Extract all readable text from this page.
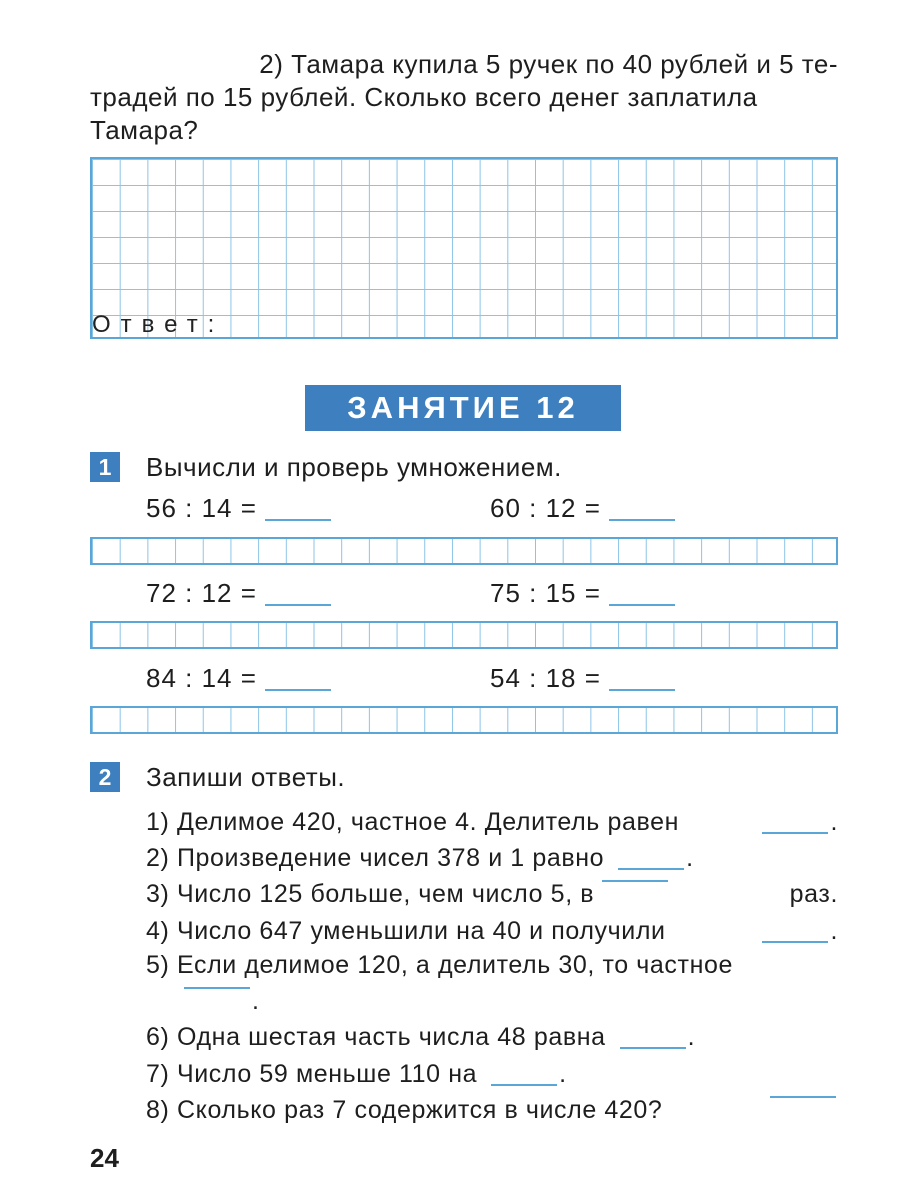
2) Тамара купила 5 ручек по 40 рублей и 5 те-
традей по 15 рублей. Сколько всего денег заплатила
Тамара?
Ответ:
ЗАНЯТИЕ 12
1	Вычисли и проверь умножением.
56 : 14 =	60 : 12 =
72 : 12 =	75 : 15 =
84 : 14 =	54 : 18 =
2	Запиши ответы.
1) Делимое 420, частное 4. Делитель равен	.
2) Произведение чисел 378 и 1 равно	.
3) Число 125 больше, чем число 5, в	раз.
4) Число 647 уменьшили на 40 и получили	.
5) Если делимое 120, а делитель 30, то частное
.
6) Одна шестая часть числа 48 равна	.
7) Число 59 меньше 110 на	.
8) Сколько раз 7 содержится в числе 420?
24
